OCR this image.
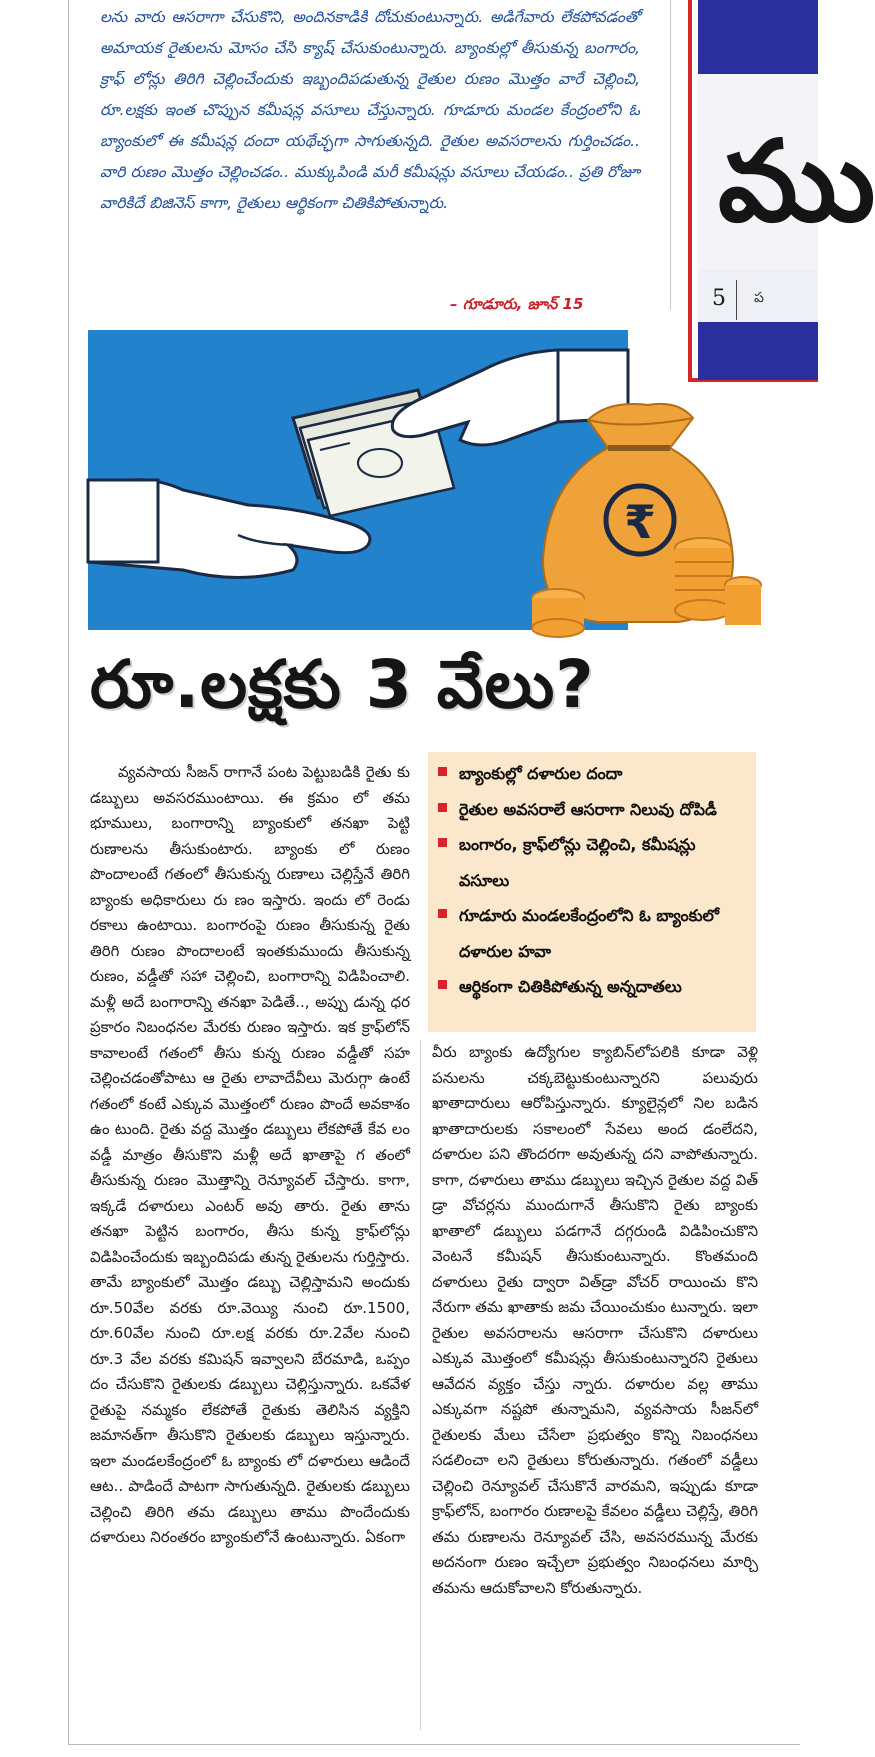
లను వారు ఆసరాగా చేసుకొని, అందినకాడికి దోచుకుంటున్నారు. అడిగేవారు లేకపోవడంతో అమాయక రైతులను మోసం చేసి క్యాష్ చేసుకుంటున్నారు. బ్యాంకుల్లో తీసుకున్న బంగారం, క్రాఫ్ లోన్లు తిరిగి చెల్లించేందుకు ఇబ్బందిపడుతున్న రైతుల రుణం మొత్తం వారే చెల్లించి, రూ.లక్షకు ఇంత చొప్పున కమీషన్ల వసూలు చేస్తున్నారు. గూడూరు మండల కేంద్రంలోని ఓ బ్యాంకులో ఈ కమీషన్ల దందా యథేచ్ఛగా సాగుతున్నది. రైతుల అవసరాలను గుర్తించడం.. వారి రుణం మొత్తం చెల్లించడం.. ముక్కుపిండి మరీ కమీషన్లు వసూలు చేయడం.. ప్రతి రోజూ వారికిదే బిజినెస్ కాగా, రైతులు ఆర్థికంగా చితికిపోతున్నారు.
– గూడూరు, జూన్ 15
ము
5 ప
₹
రూ.లక్షకు 3 వేలు?
బ్యాంకుల్లో దళారుల దందా
రైతుల అవసరాలే ఆసరాగా నిలువు దోపిడీ
బంగారం, క్రాఫ్‌లోన్లు చెల్లించి, కమీషన్లు వసూలు
గూడూరు మండలకేంద్రంలోని ఓ బ్యాంకులో దళారుల హవా
ఆర్థికంగా చితికిపోతున్న అన్నదాతలు
వ్యవసాయ సీజన్ రాగానే పంట పెట్టుబడికి రైతు కు డబ్బులు అవసరముంటాయి. ఈ క్రమం లో తమ భూములు, బంగారాన్ని బ్యాంకులో తనఖా పెట్టి రుణాలను తీసుకుంటారు. బ్యాంకు లో రుణం పొందాలంటే గతంలో తీసుకున్న రుణాలు చెల్లిస్తేనే తిరిగి బ్యాంకు అధికారులు రు ణం ఇస్తారు. ఇందు లో రెండు రకాలు ఉంటాయి. బంగారంపై రుణం తీసుకున్న రైతు తిరిగి రుణం పొందాలంటే ఇంతకుముందు తీసుకున్న రుణం, వడ్డీతో సహా చెల్లించి, బంగారాన్ని విడిపించాలి. మళ్లీ అదే బంగారాన్ని తనఖా పెడితే.., అప్పు డున్న ధర ప్రకారం నిబంధనల మేరకు రుణం ఇస్తారు. ఇక క్రాఫ్‌లోన్ కావాలంటే గతంలో తీసు కున్న రుణం వడ్డీతో సహ చెల్లించడంతోపాటు ఆ రైతు లావాదేవీలు మెరుగ్గా ఉంటే గతంలో కంటే ఎక్కువ మొత్తంలో రుణం పొందే అవకాశం ఉం టుంది. రైతు వద్ద మొత్తం డబ్బులు లేకపోతే కేవ లం వడ్డీ మాత్రం తీసుకొని మళ్లీ అదే ఖాతాపై గ తంలో తీసుకున్న రుణం మొత్తాన్ని రెన్యూవల్ చేస్తారు. కాగా, ఇక్కడే దళారులు ఎంటర్ అవు తారు. రైతు తాను తనఖా పెట్టిన బంగారం, తీసు కున్న క్రాఫ్‌లోన్లు విడిపించేందుకు ఇబ్బందిపడు తున్న రైతులను గుర్తిస్తారు. తామే బ్యాంకులో మొత్తం డబ్బు చెల్లిస్తామని అందుకు రూ.50వేల వరకు రూ.వెయ్యి నుంచి రూ.1500, రూ.60వేల నుంచి రూ.లక్ష వరకు రూ.2వేల నుంచి రూ.3 వేల వరకు కమిషన్ ఇవ్వాలని బేరమాడి, ఒప్పం దం చేసుకొని రైతులకు డబ్బులు చెల్లిస్తున్నారు. ఒకవేళ రైతుపై నమ్మకం లేకపోతే రైతుకు తెలిసిన వ్యక్తిని జమానత్‌గా తీసుకొని రైతులకు డబ్బులు ఇస్తున్నారు. ఇలా మండలకేంద్రంలో ఓ బ్యాంకు లో దళారులు ఆడిందే ఆట.. పాడిందే పాటగా సాగుతున్నది. రైతులకు డబ్బులు చెల్లించి తిరిగి తమ డబ్బులు తాము పొందేందుకు దళారులు నిరంతరం బ్యాంకులోనే ఉంటున్నారు. ఏకంగా
వీరు బ్యాంకు ఉద్యోగుల క్యాబిన్‌లోపలికి కూడా వెళ్లి పనులను చక్కబెట్టుకుంటున్నారని పలువురు ఖాతాదారులు ఆరోపిస్తున్నారు. క్యూలైన్లలో నిల బడిన ఖాతాదారులకు సకాలంలో సేవలు అంద డంలేదని, దళారుల పని తొందరగా అవుతున్న దని వాపోతున్నారు. కాగా, దళారులు తాము డబ్బులు ఇచ్చిన రైతుల వద్ద విత్ డ్రా వోచర్లను ముందుగానే తీసుకొని రైతు బ్యాంకు ఖాతాలో డబ్బులు పడగానే దగ్గరుండి విడిపించుకొని వెంటనే కమీషన్ తీసుకుంటున్నారు. కొంతమంది దళారులు రైతు ద్వారా విత్‌డ్రా వోచర్ రాయించు కొని నేరుగా తమ ఖాతాకు జమ చేయించుకుం టున్నారు. ఇలా రైతుల అవసరాలను ఆసరాగా చేసుకొని దళారులు ఎక్కువ మొత్తంలో కమీషన్లు తీసుకుంటున్నారని రైతులు ఆవేదన వ్యక్తం చేస్తు న్నారు. దళారుల వల్ల తాము ఎక్కువగా నష్టపో తున్నామని, వ్యవసాయ సీజన్‌లో రైతులకు మేలు చేసేలా ప్రభుత్వం కొన్ని నిబంధనలు సడలించా లని రైతులు కోరుతున్నారు. గతంలో వడ్డీలు చెల్లించి రెన్యూవల్ చేసుకొనే వారమని, ఇప్పుడు కూడా క్రాఫ్‌లోన్, బంగారం రుణాలపై కేవలం వడ్డీలు చెల్లిస్తే, తిరిగి తమ రుణాలను రెన్యూవల్ చేసి, అవసరమున్న మేరకు అదనంగా రుణం ఇచ్చేలా ప్రభుత్వం నిబంధనలు మార్చి తమను ఆదుకోవాలని కోరుతున్నారు.
